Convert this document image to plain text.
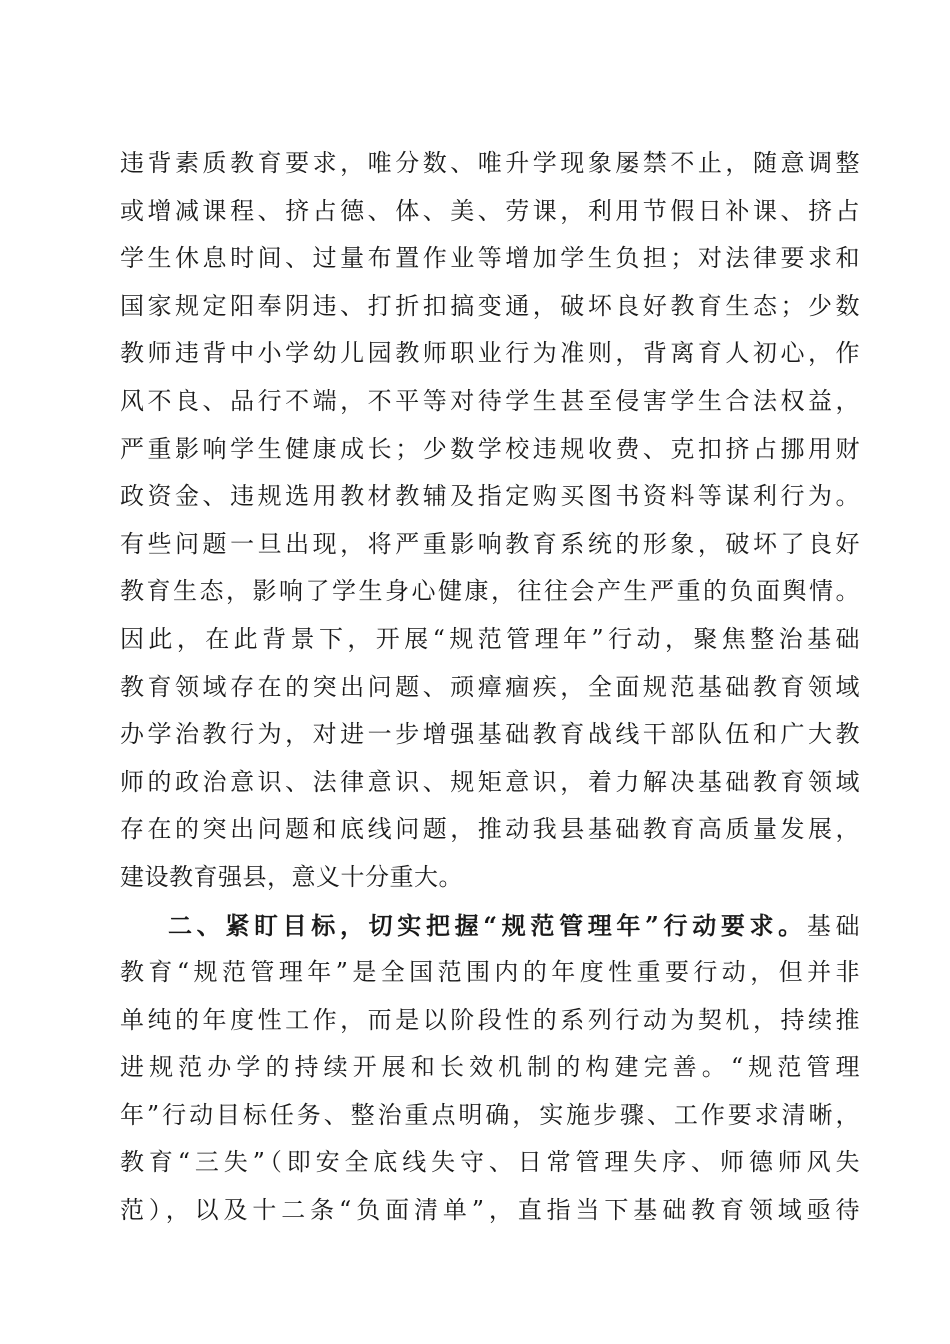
违背素质教育要求，唯分数、唯升学现象屡禁不止，随意调整
或增减课程、挤占德、体、美、劳课，利用节假日补课、挤占
学生休息时间、过量布置作业等增加学生负担；对法律要求和
国家规定阳奉阴违、打折扣搞变通，破坏良好教育生态；少数
教师违背中小学幼儿园教师职业行为准则，背离育人初心，作
风不良、品行不端，不平等对待学生甚至侵害学生合法权益，
严重影响学生健康成长；少数学校违规收费、克扣挤占挪用财
政资金、违规选用教材教辅及指定购买图书资料等谋利行为。
有些问题一旦出现，将严重影响教育系统的形象，破坏了良好
教育生态，影响了学生身心健康，往往会产生严重的负面舆情。
因此，在此背景下，开展“规范管理年”行动，聚焦整治基础
教育领域存在的突出问题、顽瘴痼疾，全面规范基础教育领域
办学治教行为，对进一步增强基础教育战线干部队伍和广大教
师的政治意识、法律意识、规矩意识，着力解决基础教育领域
存在的突出问题和底线问题，推动我县基础教育高质量发展，
建设教育强县，意义十分重大。
二、紧盯目标，切实把握“规范管理年”行动要求。基础
教育“规范管理年”是全国范围内的年度性重要行动，但并非
单纯的年度性工作，而是以阶段性的系列行动为契机，持续推
进规范办学的持续开展和长效机制的构建完善。“规范管理
年”行动目标任务、整治重点明确，实施步骤、工作要求清晰，
教育“三失”（即安全底线失守、日常管理失序、师德师风失
范），以及十二条“负面清单”，直指当下基础教育领域亟待
